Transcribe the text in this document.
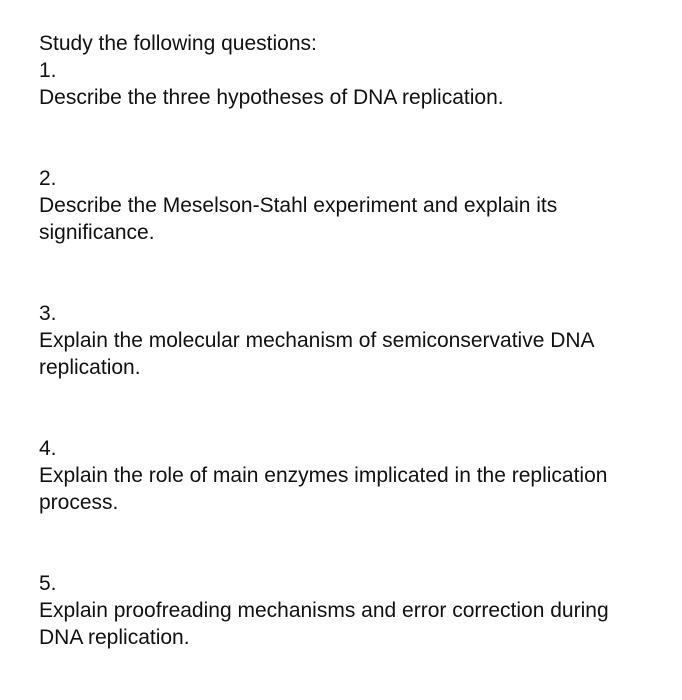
Study the following questions:

1.
Describe the three hypotheses of DNA replication.
2.
Describe the Meselson-Stahl experiment and explain its significance.
3.
Explain the molecular mechanism of semiconservative DNA replication.
4.
Explain the role of main enzymes implicated in the replication process.
5.
Explain proofreading mechanisms and error correction during DNA replication.
